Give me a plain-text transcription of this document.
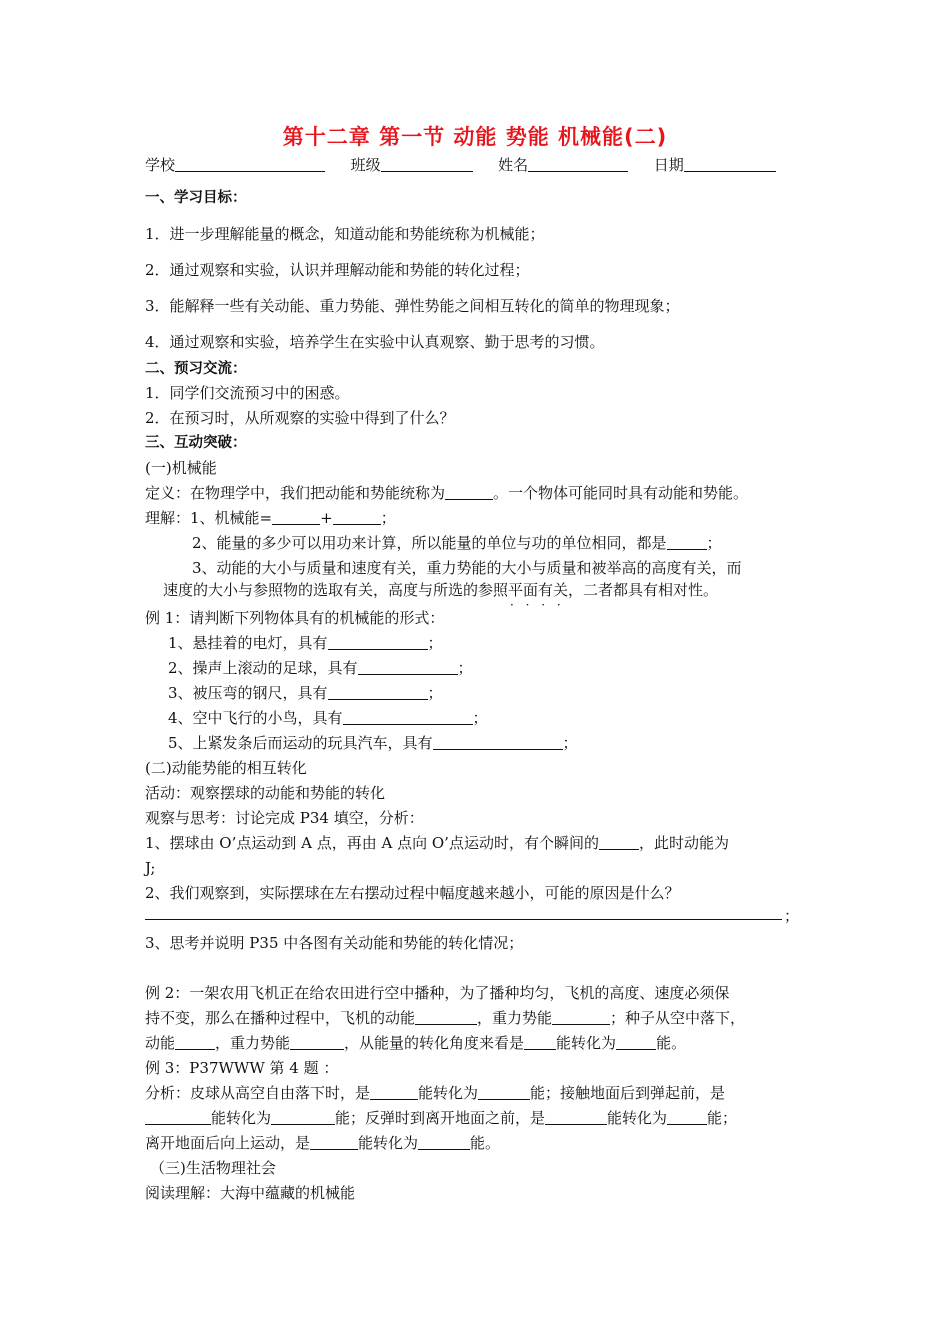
第十二章 第一节 动能 势能 机械能(二)
学校	班级	姓名	日期
一、学习目标：
1．进一步理解能量的概念，知道动能和势能统称为机械能；
2．通过观察和实验，认识并理解动能和势能的转化过程；
3．能解释一些有关动能、重力势能、弹性势能之间相互转化的简单的物理现象；
4．通过观察和实验，培养学生在实验中认真观察、勤于思考的习惯。
二、预习交流：
1．同学们交流预习中的困惑。
2．在预习时，从所观察的实验中得到了什么？
三、互动突破：
(一)机械能
定义：在物理学中，我们把动能和势能统称为	。一个物体可能同时具有动能和势能。
理解：1、机械能=	+	；
2、能量的多少可以用功来计算，所以能量的单位与功的单位相同，都是	；
3、动能的大小与质量和速度有关，重力势能的大小与质量和被举高的高度有关，而
速度的大小与参照物的选取有关，高度与所选的参照平面有关 · · · ·，二者都具有相对性。
例 1：请判断下列物体具有的机械能的形式：
1、悬挂着的电灯，具有	；
2、操声上滚动的足球，具有	；
3、被压弯的钢尺，具有	；
4、空中飞行的小鸟，具有	；
5、上紧发条后而运动的玩具汽车，具有	；
(二)动能势能的相互转化
活动：观察摆球的动能和势能的转化
观察与思考：讨论完成 P34 填空，分析：
1、摆球由 O’点运动到 A 点，再由 A 点向 O’点运动时，有个瞬间的	，此时动能为
J;
2、我们观察到，实际摆球在左右摆动过程中幅度越来越小，可能的原因是什么？
；
3、思考并说明 P35 中各图有关动能和势能的转化情况；
例 2：一架农用飞机正在给农田进行空中播种，为了播种均匀，飞机的高度、速度必须保
持不变，那么在播种过程中，飞机的动能	，重力势能	；种子从空中落下，
动能	，重力势能	，从能量的转化角度来看是 能转化为	能。
例 3：P37WWW 第 4 题 ：
分析：皮球从高空自由落下时，是	能转化为	能；接触地面后到弹起前，是
能转化为	能；反弹时到离开地面之前，是	能转化为	能；
离开地面后向上运动，是	能转化为	能。
（三)生活物理社会
阅读理解：大海中蕴藏的机械能
